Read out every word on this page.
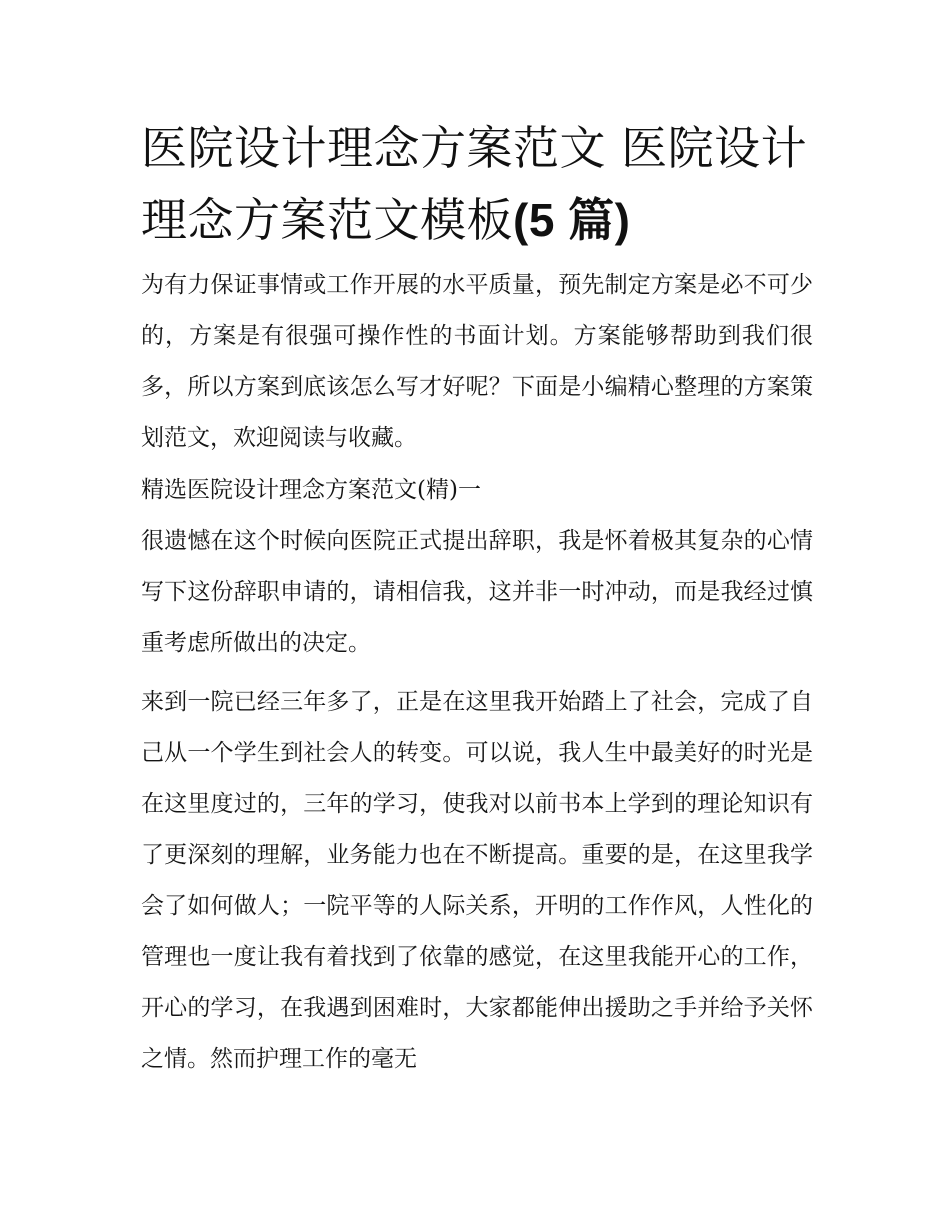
医院设计理念方案范文 医院设计理念方案范文模板(5 篇)

为有力保证事情或工作开展的水平质量，预先制定方案是必不可少的，方案是有很强可操作性的书面计划。方案能够帮助到我们很多，所以方案到底该怎么写才好呢？下面是小编精心整理的方案策划范文，欢迎阅读与收藏。

精选医院设计理念方案范文(精)一

很遗憾在这个时候向医院正式提出辞职，我是怀着极其复杂的心情写下这份辞职申请的，请相信我，这并非一时冲动，而是我经过慎重考虑所做出的决定。

来到一院已经三年多了，正是在这里我开始踏上了社会，完成了自己从一个学生到社会人的转变。可以说，我人生中最美好的时光是在这里度过的，三年的学习，使我对以前书本上学到的理论知识有了更深刻的理解，业务能力也在不断提高。重要的是，在这里我学会了如何做人；一院平等的人际关系，开明的工作作风，人性化的管理也一度让我有着找到了依靠的感觉，在这里我能开心的工作，开心的学习，在我遇到困难时，大家都能伸出援助之手并给予关怀之情。然而护理工作的毫无
